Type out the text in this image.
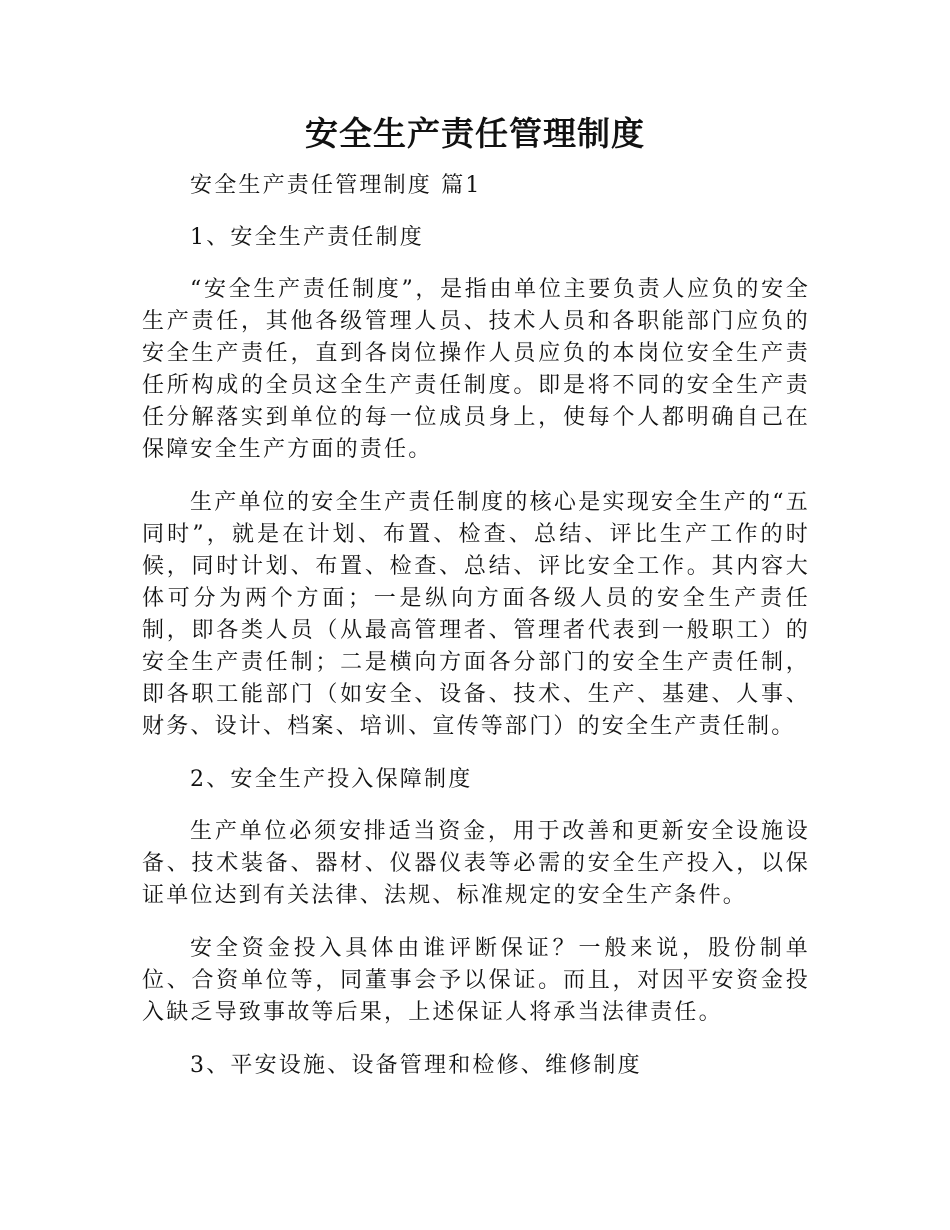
安全生产责任管理制度

安全生产责任管理制度 篇1

1、安全生产责任制度

“安全生产责任制度”，是指由单位主要负责人应负的安全生产责任，其他各级管理人员、技术人员和各职能部门应负的安全生产责任，直到各岗位操作人员应负的本岗位安全生产责任所构成的全员这全生产责任制度。即是将不同的安全生产责任分解落实到单位的每一位成员身上，使每个人都明确自己在保障安全生产方面的责任。

生产单位的安全生产责任制度的核心是实现安全生产的“五同时”，就是在计划、布置、检查、总结、评比生产工作的时候，同时计划、布置、检查、总结、评比安全工作。其内容大体可分为两个方面；一是纵向方面各级人员的安全生产责任制，即各类人员（从最高管理者、管理者代表到一般职工）的安全生产责任制；二是横向方面各分部门的安全生产责任制，即各职工能部门（如安全、设备、技术、生产、基建、人事、财务、设计、档案、培训、宣传等部门）的安全生产责任制。

2、安全生产投入保障制度

生产单位必须安排适当资金，用于改善和更新安全设施设备、技术装备、器材、仪器仪表等必需的安全生产投入，以保证单位达到有关法律、法规、标准规定的安全生产条件。

安全资金投入具体由谁评断保证？一般来说，股份制单位、合资单位等，同董事会予以保证。而且，对因平安资金投入缺乏导致事故等后果，上述保证人将承当法律责任。

3、平安设施、设备管理和检修、维修制度
